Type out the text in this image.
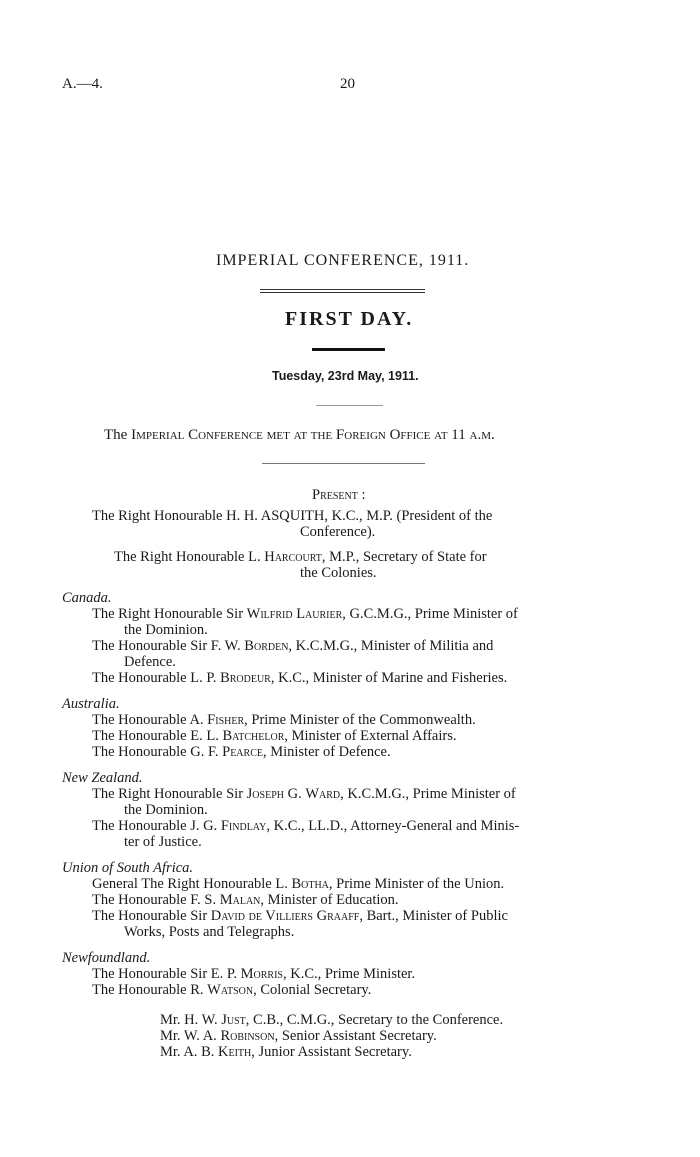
A.—4.	20
IMPERIAL CONFERENCE, 1911.
FIRST DAY.
Tuesday, 23rd May, 1911.
The Imperial Conference met at the Foreign Office at 11 a.m.
Present :
The Right Honourable H. H. ASQUITH, K.C., M.P. (President of the
Conference).
The Right Honourable L. Harcourt, M.P., Secretary of State for
the Colonies.
Canada.
The Right Honourable Sir Wilfrid Laurier, G.C.M.G., Prime Minister of
the Dominion.
The Honourable Sir F. W. Borden, K.C.M.G., Minister of Militia and
Defence.
The Honourable L. P. Brodeur, K.C., Minister of Marine and Fisheries.
Australia.
The Honourable A. Fisher, Prime Minister of the Commonwealth.
The Honourable E. L. Batchelor, Minister of External Affairs.
The Honourable G. F. Pearce, Minister of Defence.
New Zealand.
The Right Honourable Sir Joseph G. Ward, K.C.M.G., Prime Minister of
the Dominion.
The Honourable J. G. Findlay, K.C., LL.D., Attorney-General and Minis-
ter of Justice.
Union of South Africa.
General The Right Honourable L. Botha, Prime Minister of the Union.
The Honourable F. S. Malan, Minister of Education.
The Honourable Sir David de Villiers Graaff, Bart., Minister of Public
Works, Posts and Telegraphs.
Newfoundland.
The Honourable Sir E. P. Morris, K.C., Prime Minister.
The Honourable R. Watson, Colonial Secretary.
Mr. H. W. Just, C.B., C.M.G., Secretary to the Conference.
Mr. W. A. Robinson, Senior Assistant Secretary.
Mr. A. B. Keith, Junior Assistant Secretary.
